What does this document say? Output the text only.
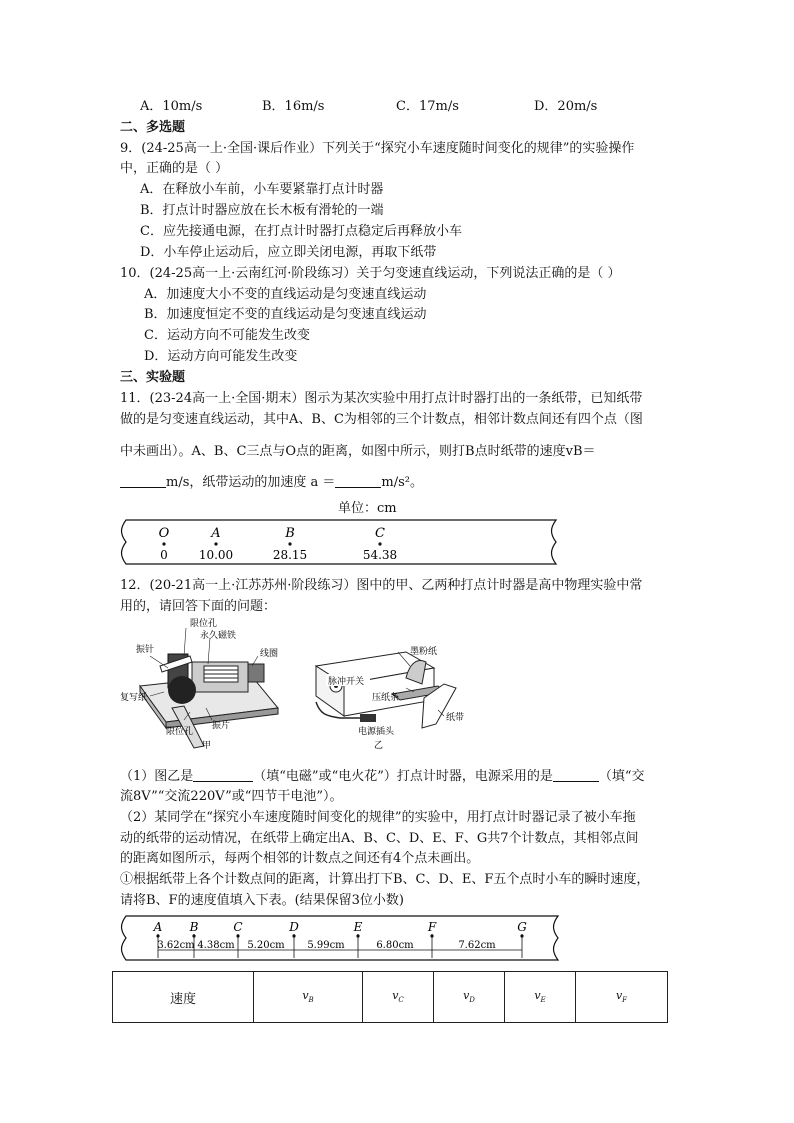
A．10m/s	B．16m/s	C．17m/s	D．20m/s
二、多选题
9．(24-25高一上·全国·课后作业）下列关于“探究小车速度随时间变化的规律”的实验操作
中，正确的是（ ）
A．在释放小车前，小车要紧靠打点计时器
B．打点计时器应放在长木板有滑轮的一端
C．应先接通电源，在打点计时器打点稳定后再释放小车
D．小车停止运动后，应立即关闭电源，再取下纸带
10．(24-25高一上·云南红河·阶段练习）关于匀变速直线运动，下列说法正确的是（ ）
A．加速度大小不变的直线运动是匀变速直线运动
B．加速度恒定不变的直线运动是匀变速直线运动
C．运动方向不可能发生改变
D．运动方向可能发生改变
三、实验题
11．(23-24高一上·全国·期末）图示为某次实验中用打点计时器打出的一条纸带，已知纸带
做的是匀变速直线运动，其中A、B、C为相邻的三个计数点，相邻计数点间还有四个点（图
中未画出）。A、B、C三点与O点的距离，如图中所示，则打B点时纸带的速度vB＝
m/s，纸带运动的加速度 a ＝	m/s²。
单位：cm
O
0
A
10.00
B
28.15
C
54.38
12．(20-21高一上·江苏苏州·阶段练习）图中的甲、乙两种打点计时器是高中物理实验中常
用的，请回答下面的问题：
限位孔
永久磁铁
振针	线圈
复写纸
限位孔
振片
甲
墨粉纸
脉冲开关
压纸条
纸带
电源插头
乙
（1）图乙是	（填“电磁”或“电火花”）打点计时器，电源采用的是	（填“交
流8V”“交流220V”或“四节干电池”）。
（2）某同学在“探究小车速度随时间变化的规律”的实验中，用打点计时器记录了被小车拖
动的纸带的运动情况，在纸带上确定出A、B、C、D、E、F、G共7个计数点，其相邻点间
的距离如图所示，每两个相邻的计数点之间还有4个点未画出。
①根据纸带上各个计数点间的距离，计算出打下B、C、D、E、F五个点时小车的瞬时速度，
请将B、F的速度值填入下表。(结果保留3位小数)
A B	C	D	E	F	G
3.62cm 4.38cm 5.20cm 5.99cm	6.80cm	7.62cm
速度	$v_B$	$v_C$	$v_D$	$v_E$	$v_F$
